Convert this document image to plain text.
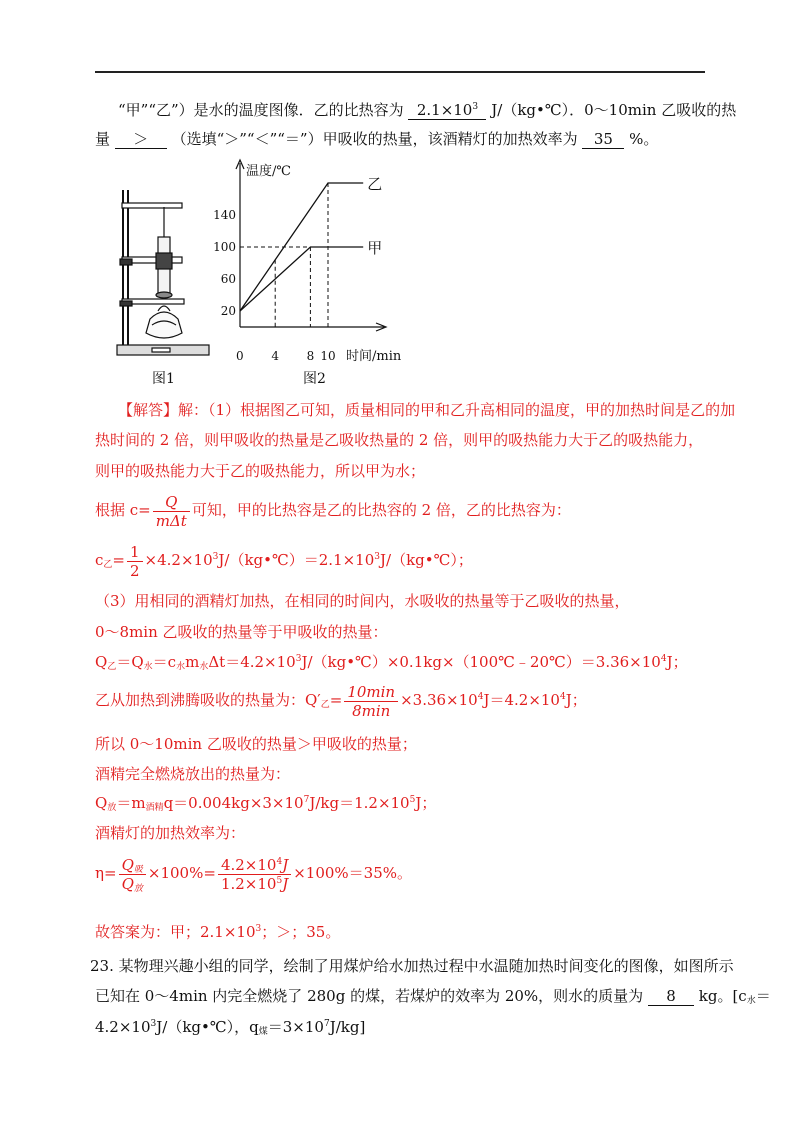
“甲”“乙”）是水的温度图像．乙的比热容为 $2.1\times 10^3$ J/（kg•℃）．0～10min 乙吸收的热
量 ＞ （选填“＞”“＜”“＝”）甲吸收的热量，该酒精灯的加热效率为 35 %。
图1
温度/℃
时间/min
0
140
100
60
20
4 8 10
乙
甲
图2
【解答】解：（1）根据图乙可知，质量相同的甲和乙升高相同的温度，甲的加热时间是乙的加
热时间的 2 倍，则甲吸收的热量是乙吸收热量的 2 倍，则甲的吸热能力大于乙的吸热能力，
则甲的吸热能力大于乙的吸热能力，所以甲为水；
根据 $c= \frac{Q}{\text{mΔt}}$ 可知，甲的比热容是乙的比热容的 2 倍，乙的比热容为：
$c_乙= \frac{1}{2}$ $\times 4.2\times 10^3J/(kg•℃)=2.1\times 10^3J/(kg•℃)$；
（3）用相同的酒精灯加热，在相同的时间内，水吸收的热量等于乙吸收的热量，
0～8min 乙吸收的热量等于甲吸收的热量：
$Q_乙=Q_水=c_水m_水\Delta t=4.2\times 10^3J/(kg•℃)\times 0.1kg\times(100℃﹣20℃)=3.36\times 10^4J$；
乙从加热到沸腾吸收的热量为：$Q'_乙= \frac{10\min}{8\min} \times 3.36\times 10^4J=4.2\times 10^4J$；
所以 0～10min 乙吸收的热量＞甲吸收的热量；
酒精完全燃烧放出的热量为：
$Q_放=m_{酒精}q=0.004kg\times 3\times 10^7J/kg=1.2\times 10^5J$；
酒精灯的加热效率为：
$\eta= \frac{Q_吸}{Q_放} \times 100\%= \frac{4.2\times 10^4J}{1.2\times 10^5J} \times 100\%=35\%$。
故答案为：甲；$2.1\times 10^3$；＞；35。
23. 某物理兴趣小组的同学，绘制了用煤炉给水加热过程中水温随加热时间变化的图像，如图所示
已知在 0～4min 内完全燃烧了 280g 的煤，若煤炉的效率为 20%，则水的质量为 8 kg。[$c_水=$
$4.2\times 10^3J/(kg•℃)$，$q_煤=3\times 10^7J/kg$]
